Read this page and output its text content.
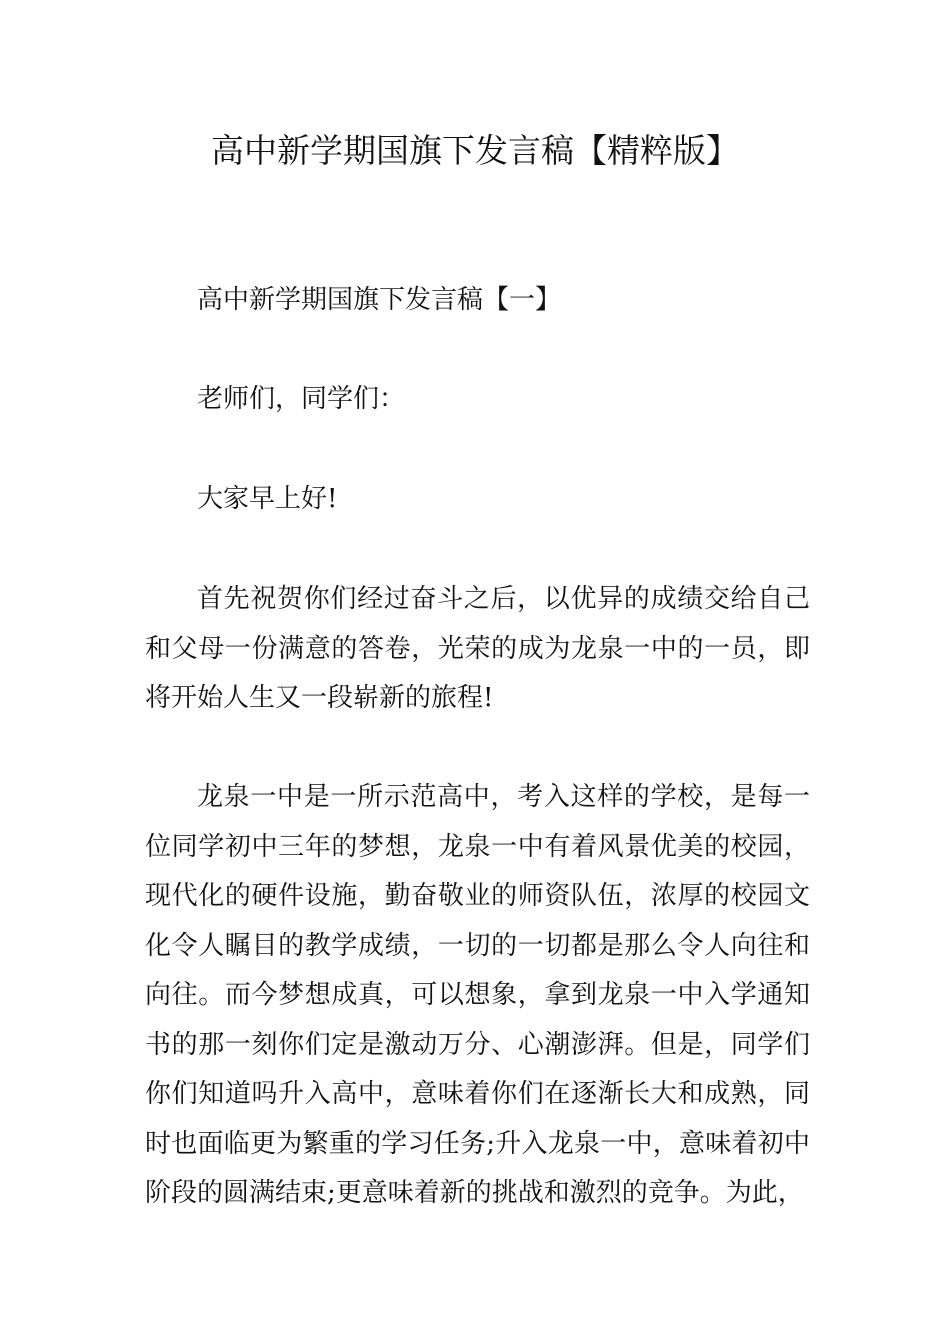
高中新学期国旗下发言稿【精粹版】

高中新学期国旗下发言稿【一】

老师们，同学们：

大家早上好!

首先祝贺你们经过奋斗之后，以优异的成绩交给自己和父母一份满意的答卷，光荣的成为龙泉一中的一员，即将开始人生又一段崭新的旅程!

龙泉一中是一所示范高中，考入这样的学校，是每一位同学初中三年的梦想，龙泉一中有着风景优美的校园，现代化的硬件设施，勤奋敬业的师资队伍，浓厚的校园文化令人瞩目的教学成绩，一切的一切都是那么令人向往和向往。而今梦想成真，可以想象，拿到龙泉一中入学通知书的那一刻你们定是激动万分、心潮澎湃。但是，同学们你们知道吗升入高中，意味着你们在逐渐长大和成熟，同时也面临更为繁重的学习任务;升入龙泉一中，意味着初中阶段的圆满结束;更意味着新的挑战和激烈的竞争。为此，
